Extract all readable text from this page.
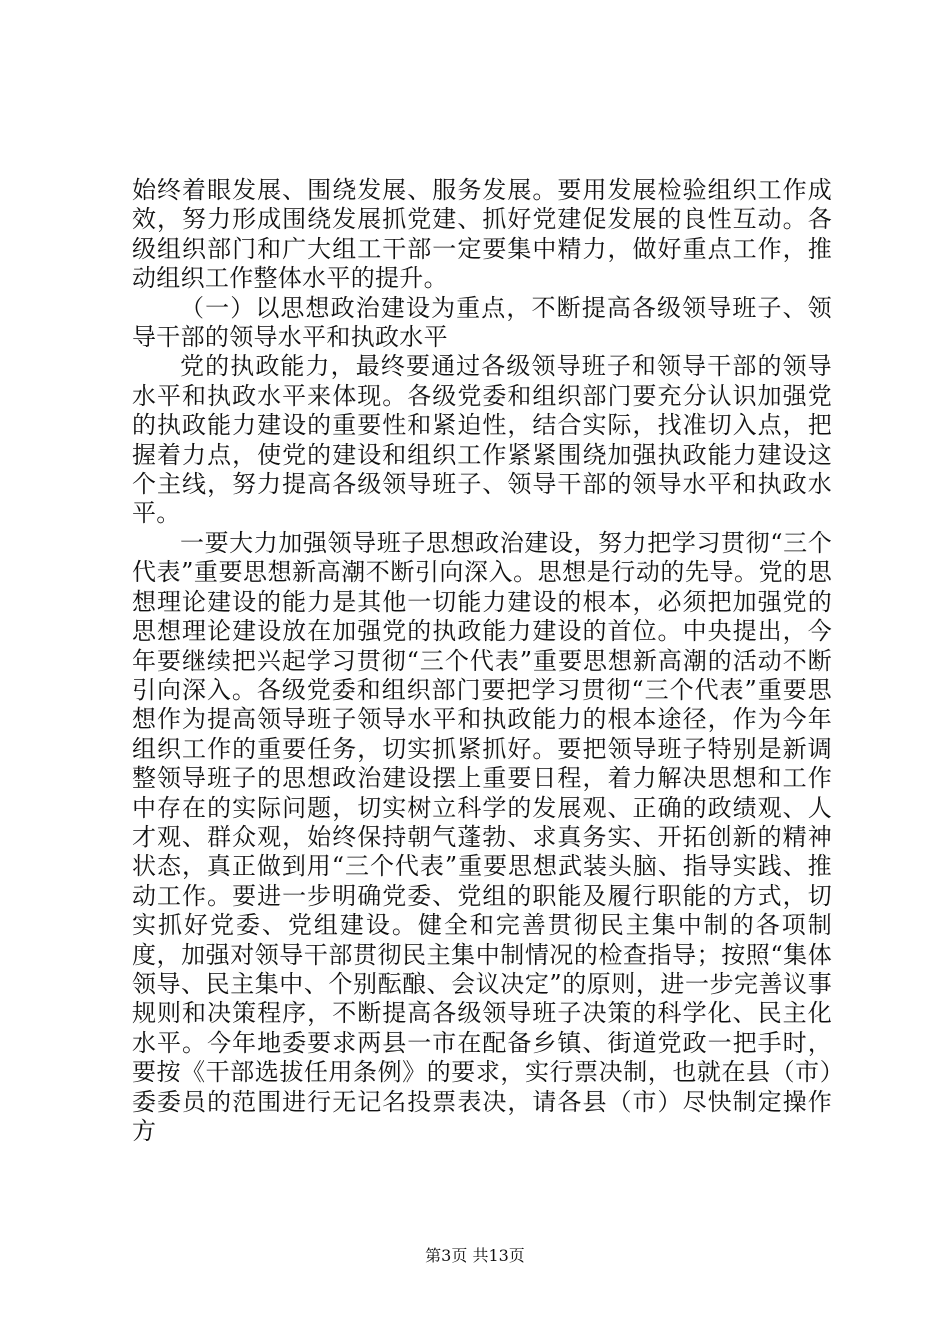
始终着眼发展、围绕发展、服务发展。要用发展检验组织工作成效，努力形成围绕发展抓党建、抓好党建促发展的良性互动。各级组织部门和广大组工干部一定要集中精力，做好重点工作，推动组织工作整体水平的提升。

（一）以思想政治建设为重点，不断提高各级领导班子、领导干部的领导水平和执政水平

党的执政能力，最终要通过各级领导班子和领导干部的领导水平和执政水平来体现。各级党委和组织部门要充分认识加强党的执政能力建设的重要性和紧迫性，结合实际，找准切入点，把握着力点，使党的建设和组织工作紧紧围绕加强执政能力建设这个主线，努力提高各级领导班子、领导干部的领导水平和执政水平。

一要大力加强领导班子思想政治建设，努力把学习贯彻“三个代表”重要思想新高潮不断引向深入。思想是行动的先导。党的思想理论建设的能力是其他一切能力建设的根本，必须把加强党的思想理论建设放在加强党的执政能力建设的首位。中央提出，今年要继续把兴起学习贯彻“三个代表”重要思想新高潮的活动不断引向深入。各级党委和组织部门要把学习贯彻“三个代表”重要思想作为提高领导班子领导水平和执政能力的根本途径，作为今年组织工作的重要任务，切实抓紧抓好。要把领导班子特别是新调整领导班子的思想政治建设摆上重要日程，着力解决思想和工作中存在的实际问题，切实树立科学的发展观、正确的政绩观、人才观、群众观，始终保持朝气蓬勃、求真务实、开拓创新的精神状态，真正做到用“三个代表”重要思想武装头脑、指导实践、推动工作。要进一步明确党委、党组的职能及履行职能的方式，切实抓好党委、党组建设。健全和完善贯彻民主集中制的各项制度，加强对领导干部贯彻民主集中制情况的检查指导；按照“集体领导、民主集中、个别酝酿、会议决定”的原则，进一步完善议事规则和决策程序，不断提高各级领导班子决策的科学化、民主化水平。今年地委要求两县一市在配备乡镇、街道党政一把手时，要按《干部选拔任用条例》的要求，实行票决制，也就在县（市）委委员的范围进行无记名投票表决，请各县（市）尽快制定操作方

第3页 共13页
